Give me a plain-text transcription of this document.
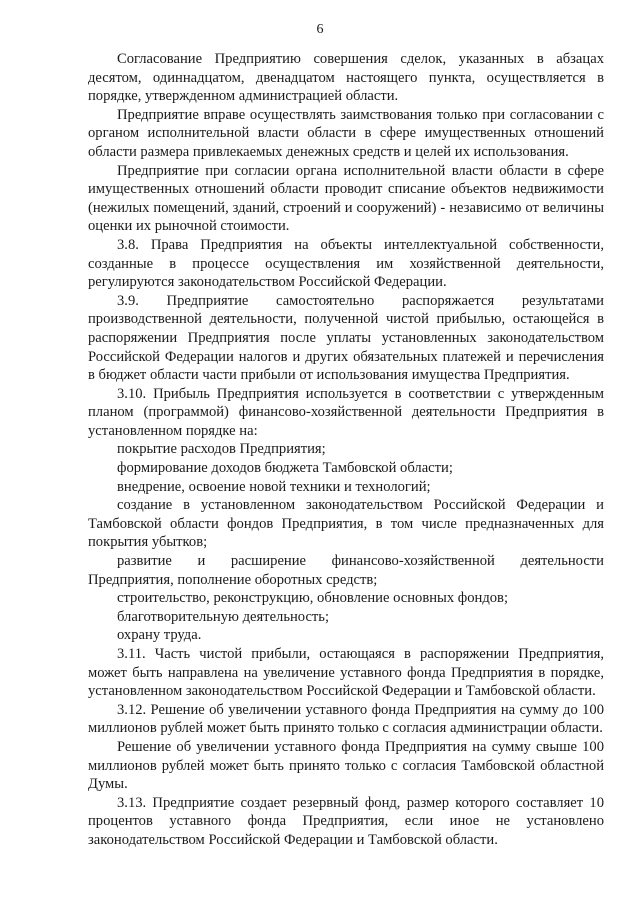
6

Согласование Предприятию совершения сделок, указанных в абзацах десятом, одиннадцатом, двенадцатом настоящего пункта, осуществляется в порядке, утвержденном администрацией области.

Предприятие вправе осуществлять заимствования только при согласовании с органом исполнительной власти области в сфере имущественных отношений области размера привлекаемых денежных средств и целей их использования.

Предприятие при согласии органа исполнительной власти области в сфере имущественных отношений области проводит списание объектов недвижимости (нежилых помещений, зданий, строений и сооружений) - независимо от величины оценки их рыночной стоимости.

3.8. Права Предприятия на объекты интеллектуальной собственности, созданные в процессе осуществления им хозяйственной деятельности, регулируются законодательством Российской Федерации.

3.9. Предприятие самостоятельно распоряжается результатами производственной деятельности, полученной чистой прибылью, остающейся в распоряжении Предприятия после уплаты установленных законодательством Российской Федерации налогов и других обязательных платежей и перечисления в бюджет области части прибыли от использования имущества Предприятия.

3.10. Прибыль Предприятия используется в соответствии с утвержденным планом (программой) финансово-хозяйственной деятельности Предприятия в установленном порядке на:

покрытие расходов Предприятия;

формирование доходов бюджета Тамбовской области;

внедрение, освоение новой техники и технологий;

создание в установленном законодательством Российской Федерации и Тамбовской области фондов Предприятия, в том числе предназначенных для покрытия убытков;

развитие и расширение финансово-хозяйственной деятельности Предприятия, пополнение оборотных средств;

строительство, реконструкцию, обновление основных фондов;

благотворительную деятельность;

охрану труда.

3.11. Часть чистой прибыли, остающаяся в распоряжении Предприятия, может быть направлена на увеличение уставного фонда Предприятия в порядке, установленном законодательством Российской Федерации и Тамбовской области.

3.12. Решение об увеличении уставного фонда Предприятия на сумму до 100 миллионов рублей может быть принято только с согласия администрации области.

Решение об увеличении уставного фонда Предприятия на сумму свыше 100 миллионов рублей может быть принято только с согласия Тамбовской областной Думы.

3.13. Предприятие создает резервный фонд, размер которого составляет 10 процентов уставного фонда Предприятия, если иное не установлено законодательством Российской Федерации и Тамбовской области.
